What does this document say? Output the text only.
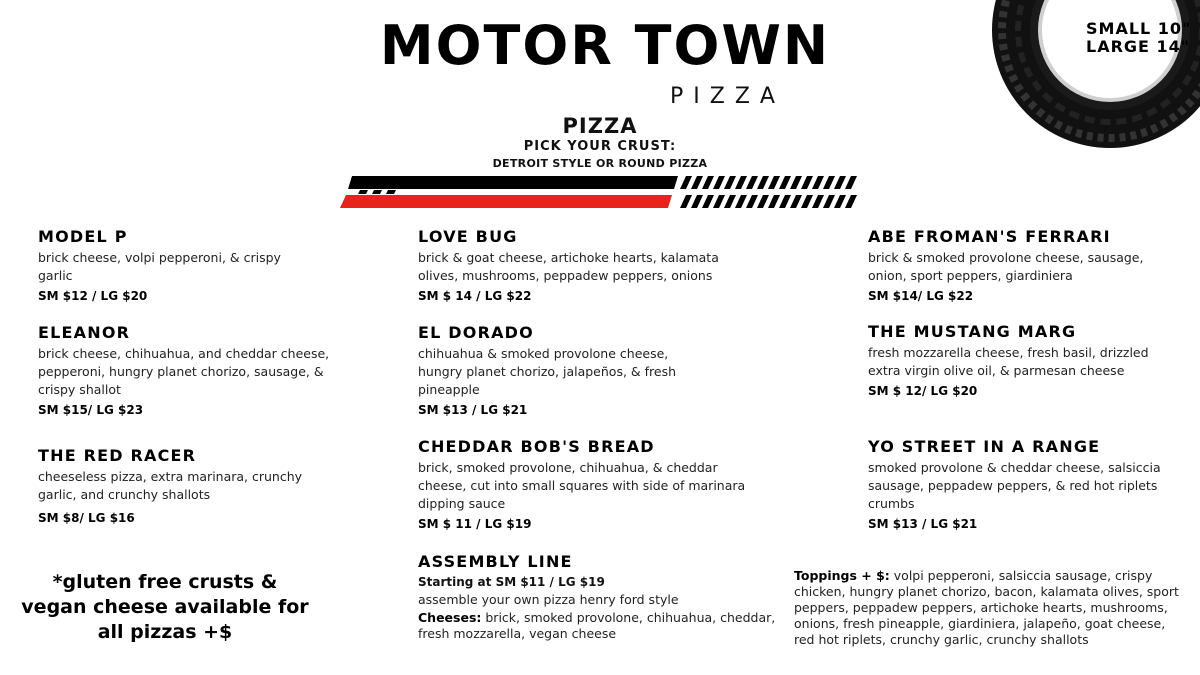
SMALL 10"
LARGE 14"
MOTOR TOWN
PIZZA
PIZZA
PICK YOUR CRUST:
DETROIT STYLE OR ROUND PIZZA
MODEL P
brick cheese, volpi pepperoni, & crispy garlic
SM $12 / LG $20
ELEANOR
brick cheese, chihuahua, and cheddar cheese, pepperoni, hungry planet chorizo, sausage, & crispy shallot
SM $15/ LG $23
THE RED RACER
cheeseless pizza, extra marinara, crunchy garlic, and crunchy shallots
SM $8/ LG $16
*gluten free crusts & vegan cheese available for all pizzas +$
LOVE BUG
brick & goat cheese, artichoke hearts, kalamata olives, mushrooms, peppadew peppers, onions
SM $ 14 / LG $22
EL DORADO
chihuahua & smoked provolone cheese, hungry planet chorizo, jalapeños, & fresh pineapple
SM $13 / LG $21
CHEDDAR BOB'S BREAD
brick, smoked provolone, chihuahua, & cheddar cheese, cut into small squares with side of marinara dipping sauce
SM $ 11 / LG $19
ASSEMBLY LINE
Starting at SM $11 / LG $19
assemble your own pizza henry ford style
Cheeses: brick, smoked provolone, chihuahua, cheddar, fresh mozzarella, vegan cheese
ABE FROMAN'S FERRARI
brick & smoked provolone cheese, sausage, onion, sport peppers, giardiniera
SM $14/ LG $22
THE MUSTANG MARG
fresh mozzarella cheese, fresh basil, drizzled extra virgin olive oil, & parmesan cheese
SM $ 12/ LG $20
YO STREET IN A RANGE
smoked provolone & cheddar cheese, salsiccia sausage, peppadew peppers, & red hot riplets crumbs
SM $13 / LG $21
Toppings + $: volpi pepperoni, salsiccia sausage, crispy chicken, hungry planet chorizo, bacon, kalamata olives, sport peppers, peppadew peppers, artichoke hearts, mushrooms, onions, fresh pineapple, giardiniera, jalapeño, goat cheese, red hot riplets, crunchy garlic, crunchy shallots
